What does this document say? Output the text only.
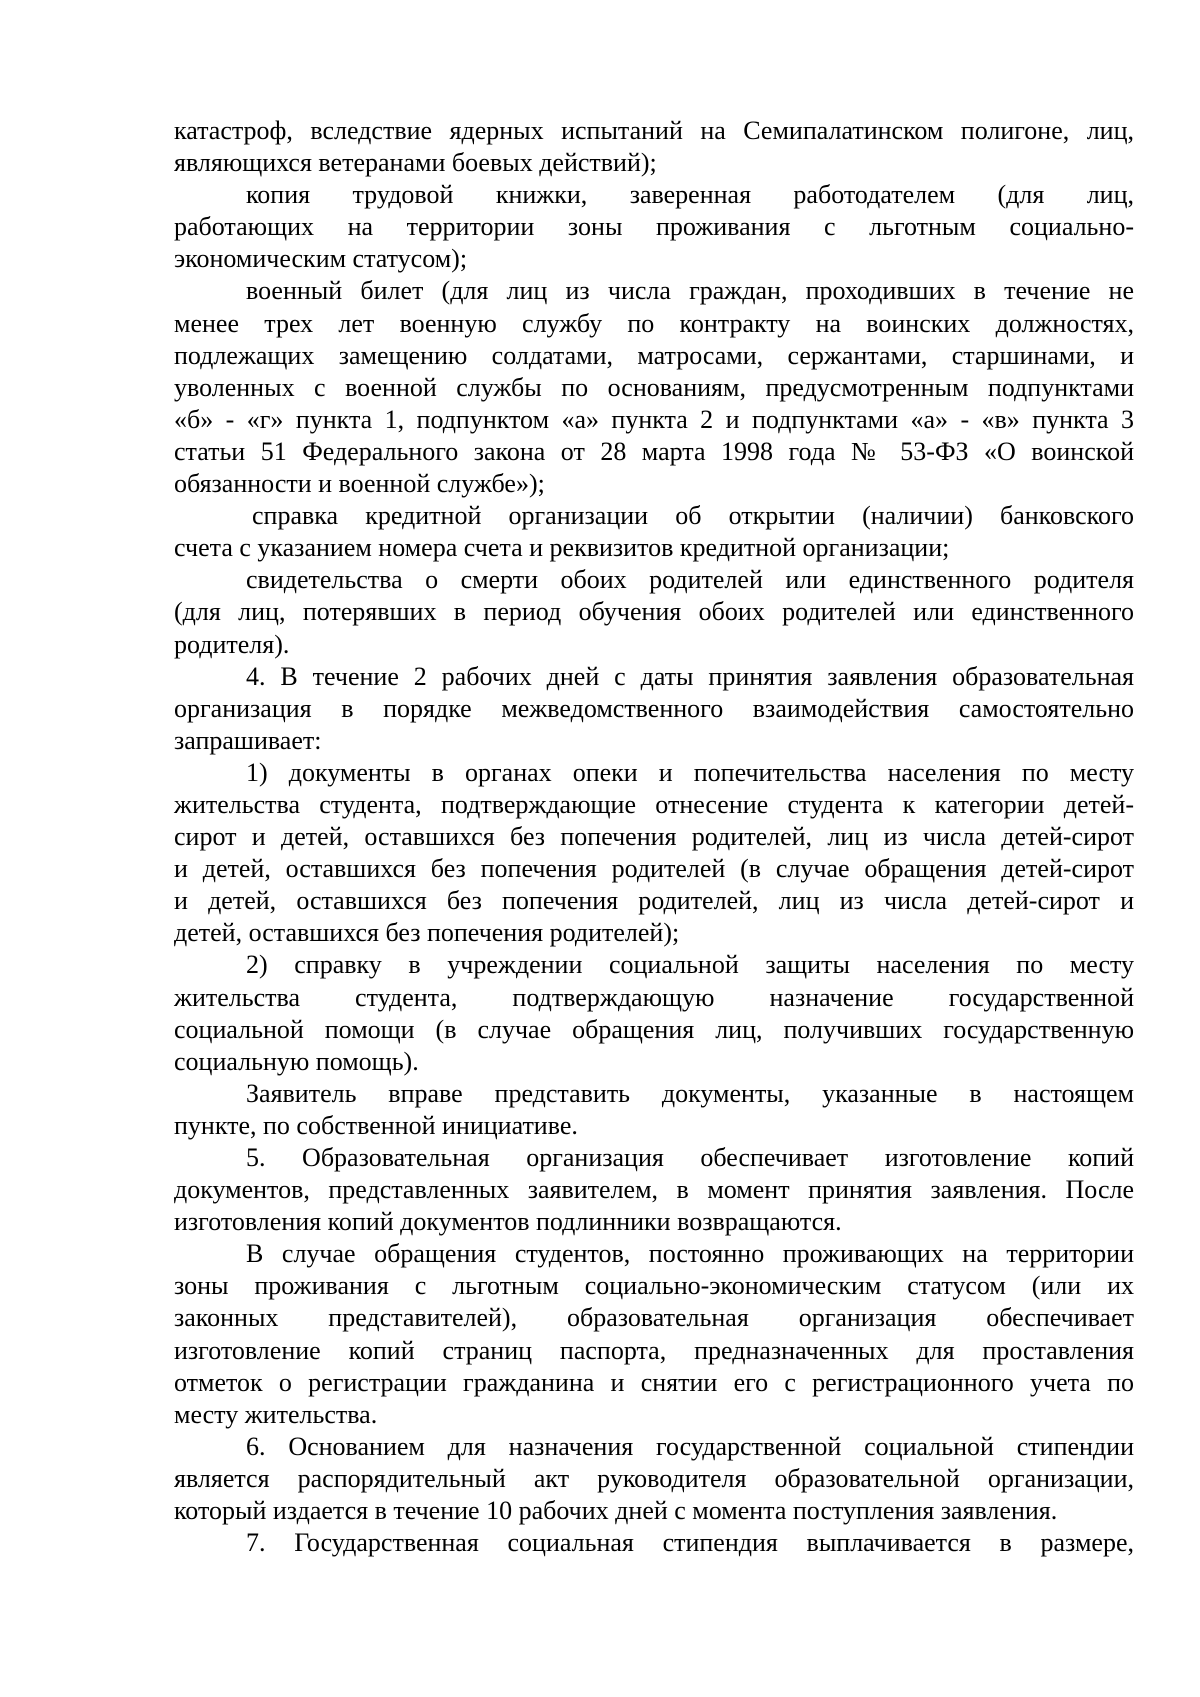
катастроф, вследствие ядерных испытаний на Семипалатинском полигоне, лиц,
являющихся ветеранами боевых действий);
копия трудовой книжки, заверенная работодателем (для лиц,
работающих на территории зоны проживания с льготным социально-
экономическим статусом);
военный билет (для лиц из числа граждан, проходивших в течение не
менее трех лет военную службу по контракту на воинских должностях,
подлежащих замещению солдатами, матросами, сержантами, старшинами, и
уволенных с военной службы по основаниям, предусмотренным подпунктами
«б» - «г» пункта 1, подпунктом «а» пункта 2 и подпунктами «а» - «в» пункта 3
статьи 51 Федерального закона от 28 марта 1998 года № 53-ФЗ «О воинской
обязанности и военной службе»);
справка кредитной организации об открытии (наличии) банковского
счета с указанием номера счета и реквизитов кредитной организации;
свидетельства о смерти обоих родителей или единственного родителя
(для лиц, потерявших в период обучения обоих родителей или единственного
родителя).
4. В течение 2 рабочих дней с даты принятия заявления образовательная
организация в порядке межведомственного взаимодействия самостоятельно
запрашивает:
1) документы в органах опеки и попечительства населения по месту
жительства студента, подтверждающие отнесение студента к категории детей-
сирот и детей, оставшихся без попечения родителей, лиц из числа детей-сирот
и детей, оставшихся без попечения родителей (в случае обращения детей-сирот
и детей, оставшихся без попечения родителей, лиц из числа детей-сирот и
детей, оставшихся без попечения родителей);
2) справку в учреждении социальной защиты населения по месту
жительства студента, подтверждающую назначение государственной
социальной помощи (в случае обращения лиц, получивших государственную
социальную помощь).
Заявитель вправе представить документы, указанные в настоящем
пункте, по собственной инициативе.
5. Образовательная организация обеспечивает изготовление копий
документов, представленных заявителем, в момент принятия заявления. После
изготовления копий документов подлинники возвращаются.
В случае обращения студентов, постоянно проживающих на территории
зоны проживания с льготным социально-экономическим статусом (или их
законных представителей), образовательная организация обеспечивает
изготовление копий страниц паспорта, предназначенных для проставления
отметок о регистрации гражданина и снятии его с регистрационного учета по
месту жительства.
6. Основанием для назначения государственной социальной стипендии
является распорядительный акт руководителя образовательной организации,
который издается в течение 10 рабочих дней с момента поступления заявления.
7. Государственная социальная стипендия выплачивается в размере,
